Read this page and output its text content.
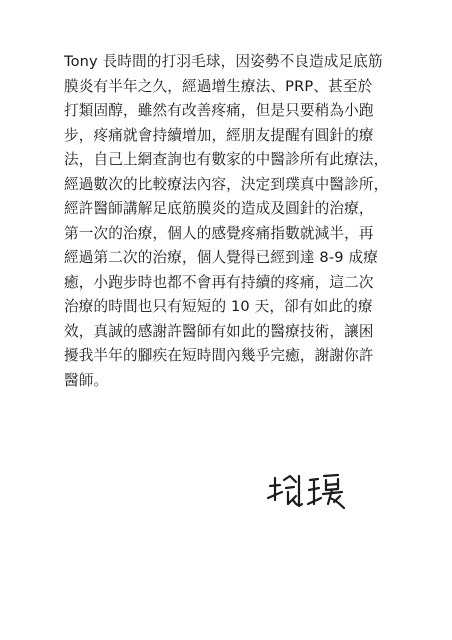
Tony 長時間的打羽毛球，因姿勢不良造成足底筋
膜炎有半年之久，經過增生療法、PRP、甚至於
打類固醇，雖然有改善疼痛，但是只要稍為小跑
步，疼痛就會持續增加，經朋友提醒有圓針的療
法，自己上網查詢也有數家的中醫診所有此療法，
經過數次的比較療法內容，決定到璞真中醫診所，
經許醫師講解足底筋膜炎的造成及圓針的治療，
第一次的治療，個人的感覺疼痛指數就減半，再
經過第二次的治療，個人覺得已經到達 8-9 成療
癒，小跑步時也都不會再有持續的疼痛，這二次
治療的時間也只有短短的 10 天，卻有如此的療
效，真誠的感謝許醫師有如此的醫療技術，讓困
擾我半年的腳疾在短時間內幾乎完癒，謝謝你許
醫師。
